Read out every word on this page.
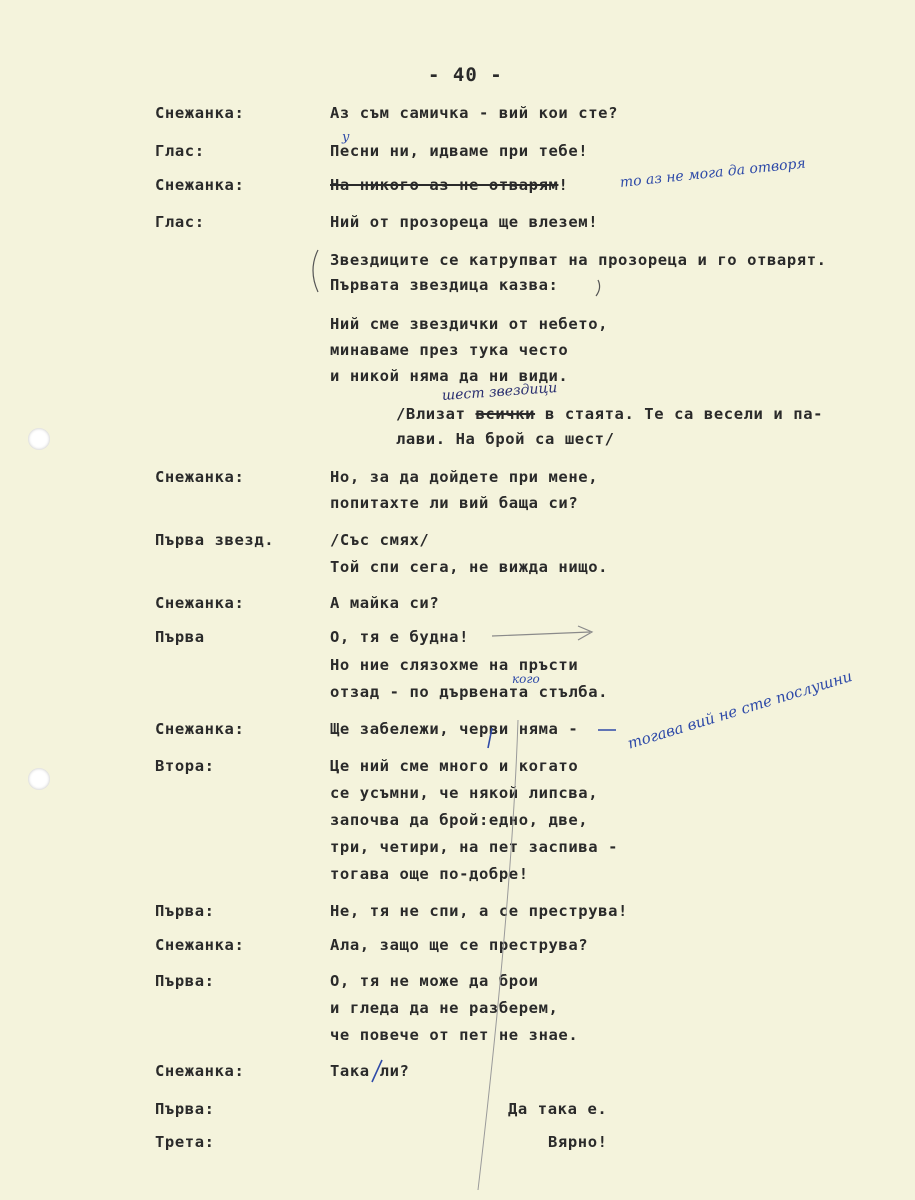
- 40 -
Снежанка:	Аз съм самичка - вий кои сте?
у
Глас:	Песни ни, идваме при тебе!
Снежанка:	На никого аз не отварям!	то аз не мога да отворя
Глас:	Ний от прозореца ще влезем!
Звездиците се катрупват на прозореца и го отварят.
Първата звездица казва:
Ний сме звездички от небето,
минаваме през тука често
и никой няма да ни види.
шест звездици
/Влизат всички в стаята. Те са весели и па-
лави. На брой са шест/
Снежанка:	Но, за да дойдете при мене,
попитахте ли вий баща си?
Първа звезд.	/Със смях/
Той спи сега, не вижда нищо.
Снежанка:	А майка си?
Първа	О, тя е будна!
Но ние слязохме на пръсти
кого
отзад - по дървената стълба.
Снежанка:	Ще забележи, черви няма -	тогава вий не сте послушни
Втора:	Це ний сме много и когато
се усъмни, че някой липсва,
започва да брой:едно, две,
три, четири, на пет заспива -
тогава още по-добре!
Първа:	Не, тя не спи, а се преструва!
Снежанка:	Ала, защо ще се преструва?
Първа:	О, тя не може да брои
и гледа да не разберем,
че повече от пет не знае.
Снежанка:	Така ли?
Първа:	Да така е.
Трета:	Вярно!
